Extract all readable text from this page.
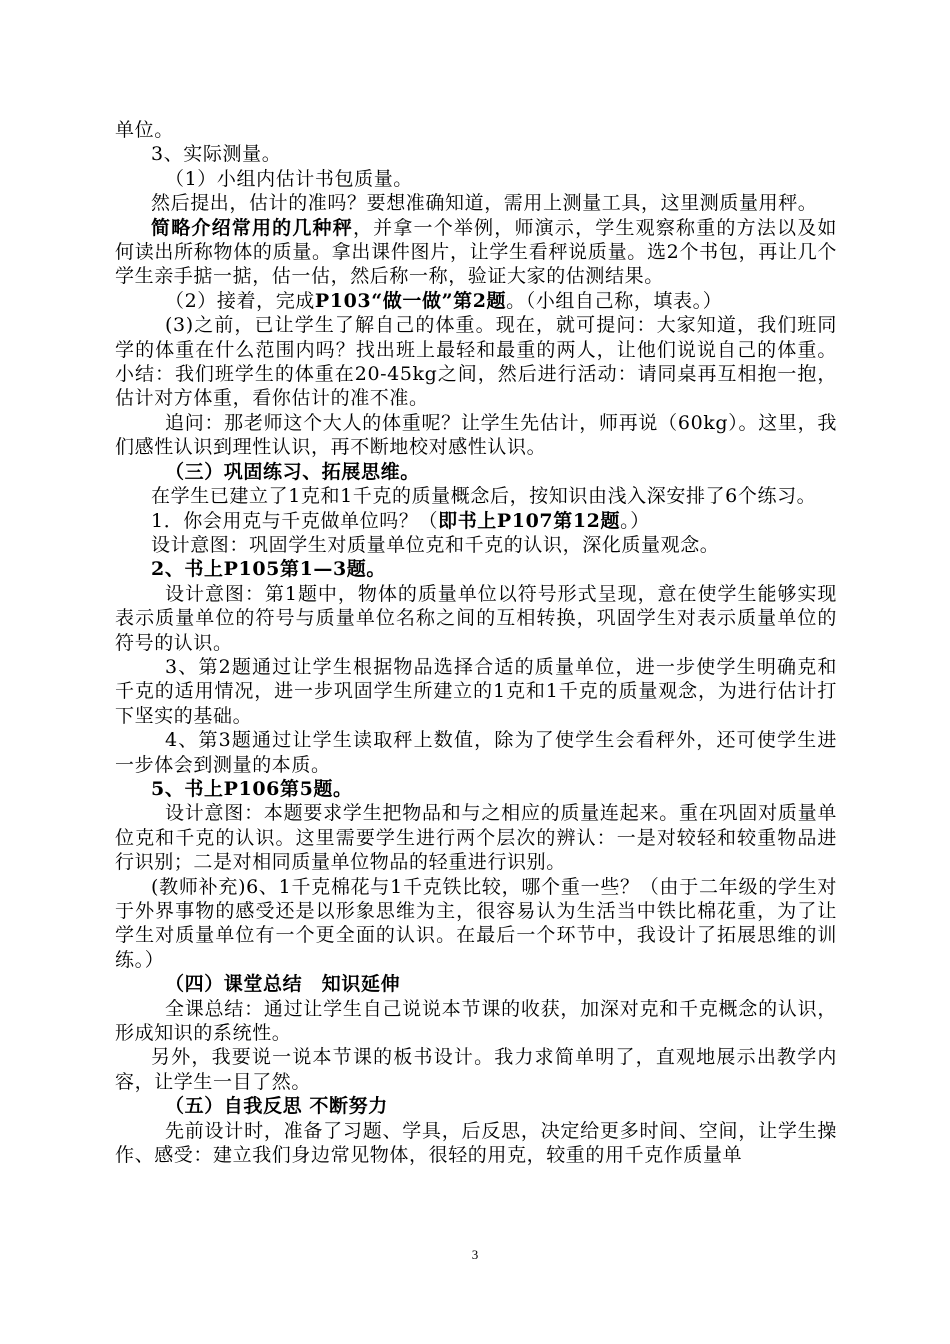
单位。

3、实际测量。

（1）小组内估计书包质量。

然后提出，估计的准吗？要想准确知道，需用上测量工具，这里测质量用秤。

简略介绍常用的几种秤，并拿一个举例，师演示，学生观察称重的方法以及如何读出所称物体的质量。拿出课件图片，让学生看秤说质量。选2个书包，再让几个学生亲手掂一掂，估一估，然后称一称，验证大家的估测结果。

（2）接着，完成P103“做一做”第2题。（小组自己称，填表。）

(3)之前，已让学生了解自己的体重。现在，就可提问：大家知道，我们班同学的体重在什么范围内吗？找出班上最轻和最重的两人，让他们说说自己的体重。小结：我们班学生的体重在20-45kg之间，然后进行活动：请同桌再互相抱一抱，估计对方体重，看你估计的准不准。

追问：那老师这个大人的体重呢？让学生先估计，师再说（60kg）。这里，我们感性认识到理性认识，再不断地校对感性认识。

（三）巩固练习、拓展思维。

在学生已建立了1克和1千克的质量概念后，按知识由浅入深安排了6个练习。

1．你会用克与千克做单位吗？（即书上P107第12题。）

设计意图：巩固学生对质量单位克和千克的认识，深化质量观念。

2、书上P105第1—3题。

设计意图：第1题中，物体的质量单位以符号形式呈现，意在使学生能够实现表示质量单位的符号与质量单位名称之间的互相转换，巩固学生对表示质量单位的符号的认识。

3、第2题通过让学生根据物品选择合适的质量单位，进一步使学生明确克和千克的适用情况，进一步巩固学生所建立的1克和1千克的质量观念，为进行估计打下坚实的基础。

4、第3题通过让学生读取秤上数值，除为了使学生会看秤外，还可使学生进一步体会到测量的本质。

5、书上P106第5题。

设计意图：本题要求学生把物品和与之相应的质量连起来。重在巩固对质量单位克和千克的认识。这里需要学生进行两个层次的辨认：一是对较轻和较重物品进行识别；二是对相同质量单位物品的轻重进行识别。

(教师补充)6、1千克棉花与1千克铁比较，哪个重一些？（由于二年级的学生对于外界事物的感受还是以形象思维为主，很容易认为生活当中铁比棉花重，为了让学生对质量单位有一个更全面的认识。在最后一个环节中，我设计了拓展思维的训练。）

（四）课堂总结　知识延伸

全课总结：通过让学生自己说说本节课的收获，加深对克和千克概念的认识，形成知识的系统性。

另外，我要说一说本节课的板书设计。我力求简单明了，直观地展示出教学内容，让学生一目了然。

（五）自我反思 不断努力

先前设计时，准备了习题、学具，后反思，决定给更多时间、空间，让学生操作、感受：建立我们身边常见物体，很轻的用克，较重的用千克作质量单

3
